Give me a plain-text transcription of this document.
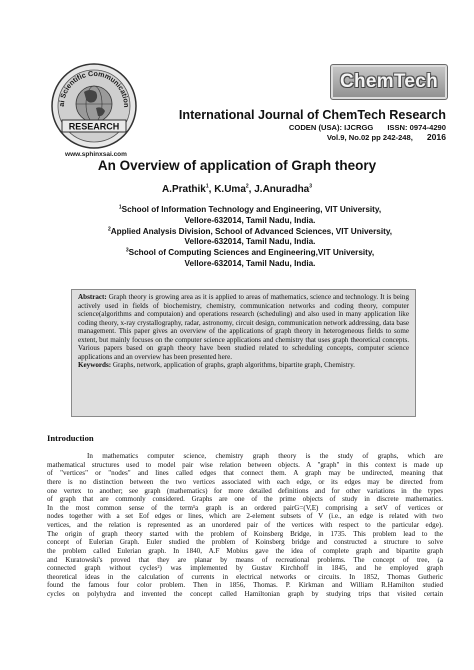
ai Scientific Communication
RESEARCH
www.sphinxsai.com
ChemTech
International Journal of ChemTech Research
CODEN (USA): IJCRGG ISSN: 0974-4290
Vol.9, No.02 pp 242-248, 2016
An Overview of application of Graph theory
A.Prathik$^1$, K.Uma$^2$, J.Anuradha$^3$

$^1$School of Information Technology and Engineering, VIT University,

Vellore-632014, Tamil Nadu, India.

$^2$Applied Analysis Division, School of Advanced Sciences, VIT University,

Vellore-632014, Tamil Nadu, India.

$^3$School of Computing Sciences and Engineering,VIT University,

Vellore-632014, Tamil Nadu, India.

Abstract: Graph theory is growing area as it is applied to areas of mathematics, science and technology. It is being actively used in fields of biochemistry, chemistry, communication networks and coding theory, computer science(algorithms and computaion) and operations research (scheduling) and also used in many application like coding theory, x-ray crystallography, radar, astronomy, circuit design, communication network addressing, data base management. This paper gives an overview of the applications of graph theory in heterogeneous fields to some extent, but mainly focuses on the computer science applications and chemistry that uses graph theoretical concepts. Various papers based on graph theory have been studied related to scheduling concepts, computer science applications and an overview has been presented here.

Keywords: Graphs, network, application of graphs, graph algorithms, bipartite graph, Chemistry.

Introduction
In mathematics computer science, chemistry graph theory is the study of graphs, which are
mathematical structures used to model pair wise relation between objects. A "graph" in this context is made up
of "vertices" or "nodes" and lines called edges that connect them. A graph may be undirected, meaning that
there is no distinction between the two vertices associated with each edge, or its edges may be directed from
one vertex to another; see graph (mathematics) for more detailed definitions and for other variations in the types
of graph that are commonly considered. Graphs are one of the prime objects of study in discrete mathematics.
In the most common sense of the term¹a graph is an ordered pairG=(V,E) comprising a setV of vertices or
nodes together with a set Eof edges or lines, which are 2-element subsets of V (i.e., an edge is related with two
vertices, and the relation is represented as an unordered pair of the vertices with respect to the particular edge).
The origin of graph theory started with the problem of Koinsberg Bridge, in 1735. This problem lead to the
concept of Eulerian Graph. Euler studied the problem of Koinsberg bridge and constructed a structure to solve
the problem called Eulerian graph. In 1840, A.F Mobius gave the idea of complete graph and bipartite graph
and Kuratowski's proved that they are planar by means of recreational problems. The concept of tree, (a
connected graph without cycles²) was implemented by Gustav Kirchhoff in 1845, and he employed graph
theoretical ideas in the calculation of currents in electrical networks or circuits. In 1852, Thomas Gutheric
found the famous four color problem. Then in 1856, Thomas. P. Kirkman and William R.Hamilton studied
cycles on polyhydra and invented the concept called Hamiltonian graph by studying trips that visited certain
